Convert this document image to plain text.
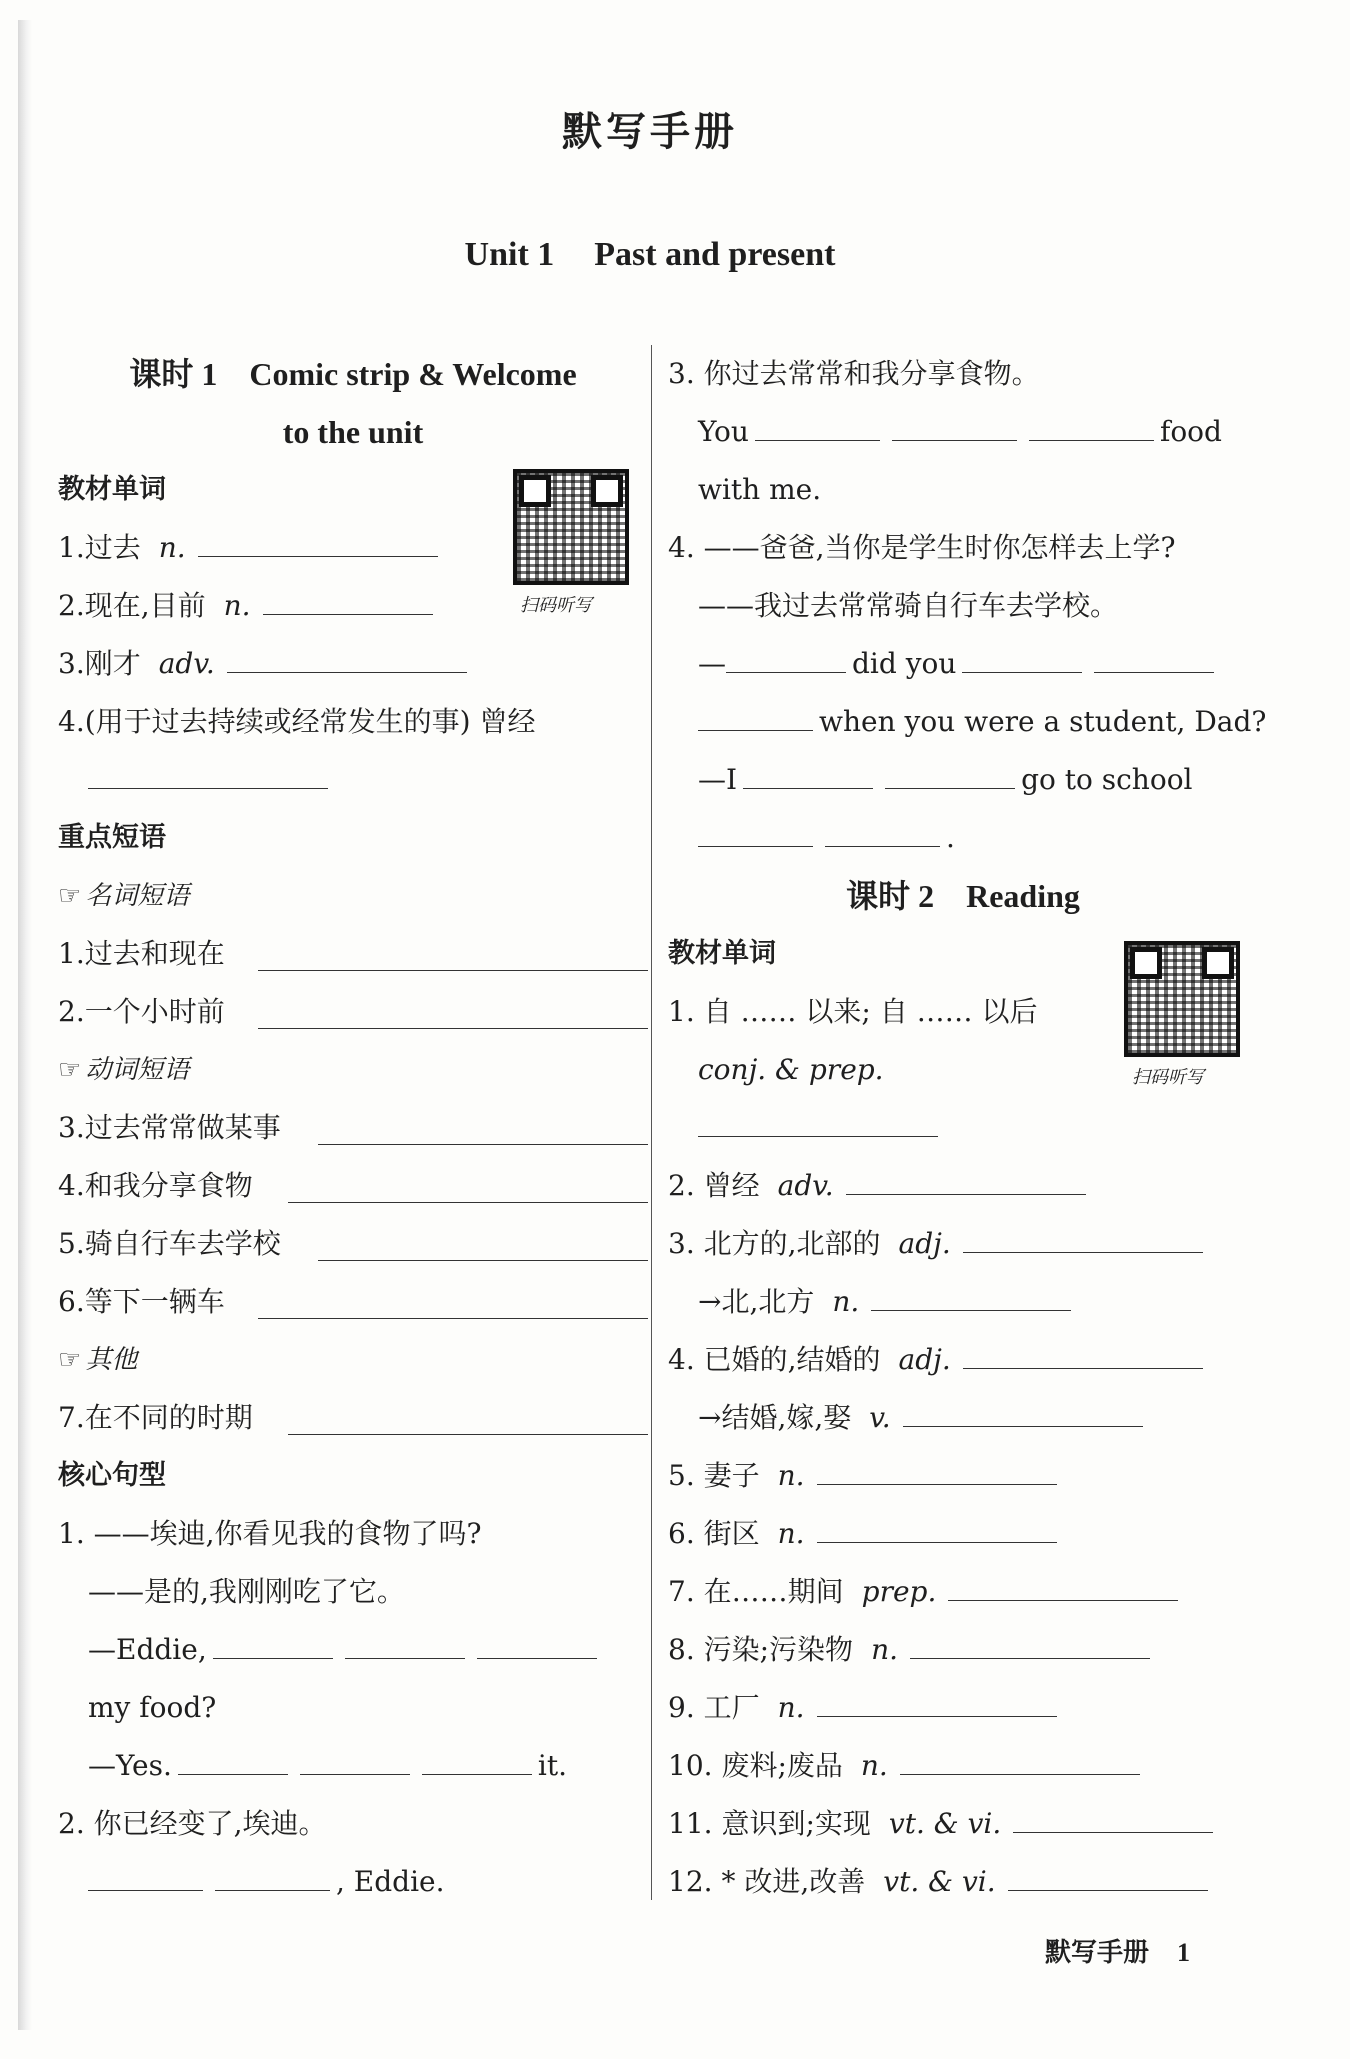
默写手册
Unit 1 Past and present
课时 1　Comic strip & Welcome
to the unit
教材单词
扫码听写
1.过去 n.
2.现在,目前 n.
3.刚才 adv.
4.(用于过去持续或经常发生的事) 曾经
重点短语
☞ 名词短语
1.过去和现在
2.一个小时前
☞ 动词短语
3.过去常常做某事
4.和我分享食物
5.骑自行车去学校
6.等下一辆车
☞ 其他
7.在不同的时期
核心句型
1. ——埃迪,你看见我的食物了吗?
——是的,我刚刚吃了它。
—Eddie,
my food?
—Yes.	it.
2. 你已经变了,埃迪。
, Eddie.
3. 你过去常常和我分享食物。
You	food
with me.
4. ——爸爸,当你是学生时你怎样去上学?
——我过去常常骑自行车去学校。
—	did you
when you were a student, Dad?
—I	go to school
.
课时 2　Reading
教材单词
扫码听写
1. 自 …… 以来; 自 …… 以后
conj. & prep.
2. 曾经 adv.
3. 北方的,北部的 adj.
→北,北方 n.
4. 已婚的,结婚的 adj.
→结婚,嫁,娶 v.
5. 妻子 n.
6. 街区 n.
7. 在……期间 prep.
8. 污染;污染物 n.
9. 工厂 n.
10. 废料;废品 n.
11. 意识到;实现 vt. & vi.
12. * 改进,改善 vt. & vi.
默写手册 1
